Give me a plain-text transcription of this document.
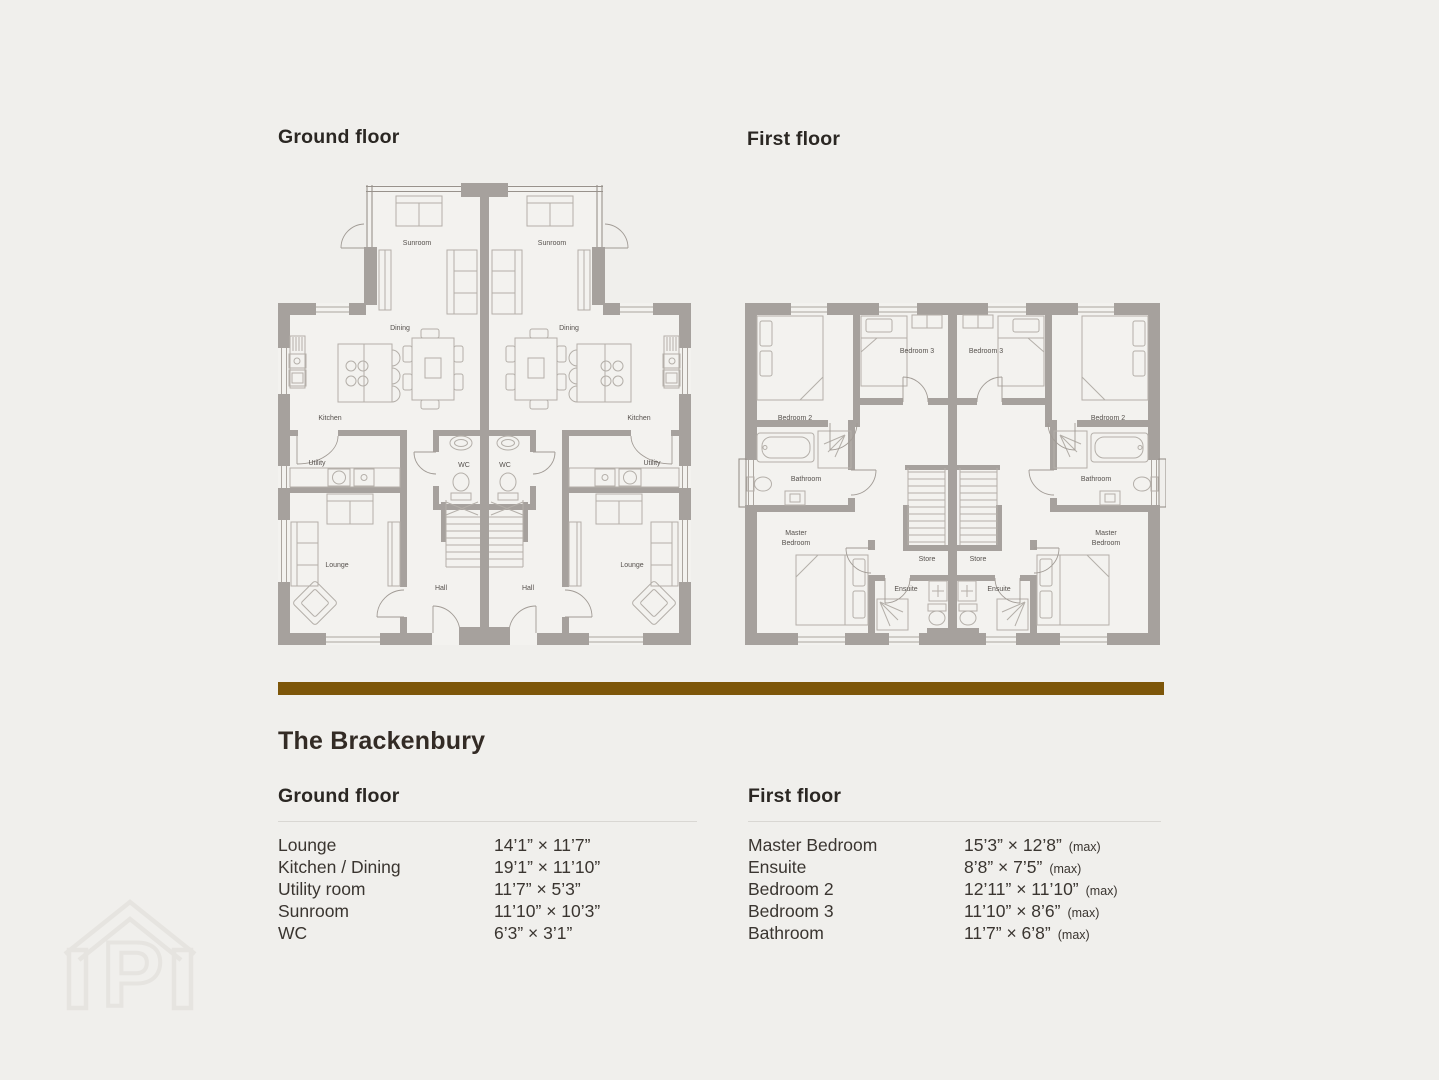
P
Ground floor	First floor
Sunroom	Sunroom
Dining	Dining
Kitchen	Kitchen
Utility	Utility
WC	WC
Lounge	Lounge
Hall	Hall
Bedroom 2	Bedroom 2
Bedroom 3	Bedroom 3
Bathroom	Bathroom
Master
Bedroom
Master
Bedroom
Store	Store
Ensuite	Ensuite
The Brackenbury
Ground floor
Lounge	14’1” × 11’7”
Kitchen / Dining	19’1” × 11’10”
Utility room	11’7” × 5’3”
Sunroom	11’10” × 10’3”
WC	6’3” × 3’1”
First floor
Master Bedroom	15’3” × 12’8” (max)
Ensuite	8’8” × 7’5” (max)
Bedroom 2	12’11” × 11’10” (max)
Bedroom 3	11’10” × 8’6” (max)
Bathroom	11’7” × 6’8” (max)
